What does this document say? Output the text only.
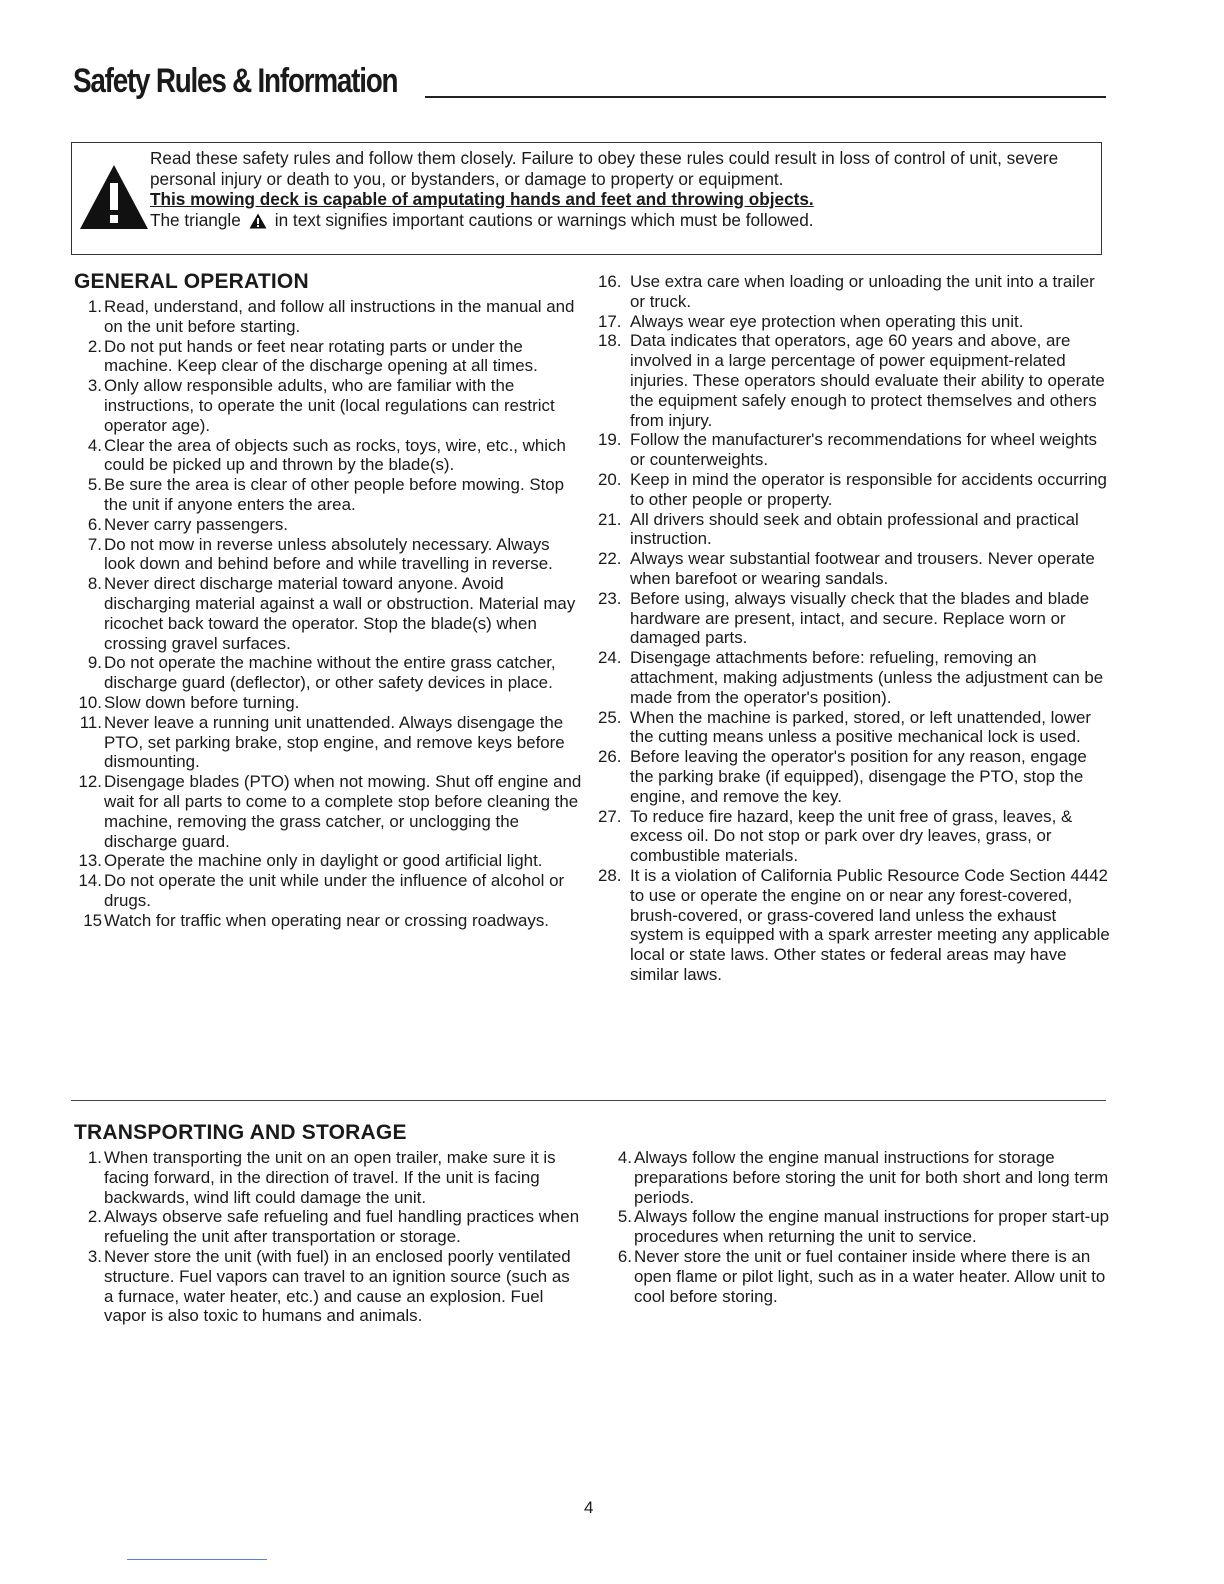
Safety Rules & Information

Read these safety rules and follow them closely. Failure to obey these rules could result in loss of control of unit, severe personal injury or death to you, or bystanders, or damage to property or equipment.

This mowing deck is capable of amputating hands and feet and throwing objects.

The triangle in text signifies important cautions or warnings which must be followed.

GENERAL OPERATION
1. Read, understand, and follow all instructions in the manual and on the unit before starting.
2. Do not put hands or feet near rotating parts or under the machine. Keep clear of the discharge opening at all times.
3. Only allow responsible adults, who are familiar with the instructions, to operate the unit (local regulations can restrict operator age).
4. Clear the area of objects such as rocks, toys, wire, etc., which could be picked up and thrown by the blade(s).
5. Be sure the area is clear of other people before mowing. Stop the unit if anyone enters the area.
6. Never carry passengers.
7. Do not mow in reverse unless absolutely necessary. Always look down and behind before and while travelling in reverse.
8. Never direct discharge material toward anyone. Avoid discharging material against a wall or obstruction. Material may ricochet back toward the operator. Stop the blade(s) when crossing gravel surfaces.
9. Do not operate the machine without the entire grass catcher, discharge guard (deflector), or other safety devices in place.
10. Slow down before turning.
11. Never leave a running unit unattended. Always disengage the PTO, set parking brake, stop engine, and remove keys before dismounting.
12. Disengage blades (PTO) when not mowing. Shut off engine and wait for all parts to come to a complete stop before cleaning the machine, removing the grass catcher, or unclogging the discharge guard.
13. Operate the machine only in daylight or good artificial light.
14. Do not operate the unit while under the influence of alcohol or drugs.
15 Watch for traffic when operating near or crossing roadways.
16. Use extra care when loading or unloading the unit into a trailer or truck.
17. Always wear eye protection when operating this unit.
18. Data indicates that operators, age 60 years and above, are involved in a large percentage of power equipment-related injuries. These operators should evaluate their ability to operate the equipment safely enough to protect themselves and others from injury.
19. Follow the manufacturer's recommendations for wheel weights or counterweights.
20. Keep in mind the operator is responsible for accidents occurring to other people or property.
21. All drivers should seek and obtain professional and practical instruction.
22. Always wear substantial footwear and trousers. Never operate when barefoot or wearing sandals.
23. Before using, always visually check that the blades and blade hardware are present, intact, and secure. Replace worn or damaged parts.
24. Disengage attachments before: refueling, removing an attachment, making adjustments (unless the adjustment can be made from the operator's position).
25. When the machine is parked, stored, or left unattended, lower the cutting means unless a positive mechanical lock is used.
26. Before leaving the operator's position for any reason, engage the parking brake (if equipped), disengage the PTO, stop the engine, and remove the key.
27. To reduce fire hazard, keep the unit free of grass, leaves, & excess oil. Do not stop or park over dry leaves, grass, or combustible materials.
28. It is a violation of California Public Resource Code Section 4442 to use or operate the engine on or near any forest-covered, brush-covered, or grass-covered land unless the exhaust system is equipped with a spark arrester meeting any applicable local or state laws. Other states or federal areas may have similar laws.
TRANSPORTING AND STORAGE
1. When transporting the unit on an open trailer, make sure it is facing forward, in the direction of travel. If the unit is facing backwards, wind lift could damage the unit.
2. Always observe safe refueling and fuel handling practices when refueling the unit after transportation or storage.
3. Never store the unit (with fuel) in an enclosed poorly ventilated structure. Fuel vapors can travel to an ignition source (such as a furnace, water heater, etc.) and cause an explosion. Fuel vapor is also toxic to humans and animals.
4. Always follow the engine manual instructions for storage preparations before storing the unit for both short and long term periods.
5. Always follow the engine manual instructions for proper start-up procedures when returning the unit to service.
6. Never store the unit or fuel container inside where there is an open flame or pilot light, such as in a water heater. Allow unit to cool before storing.
4
